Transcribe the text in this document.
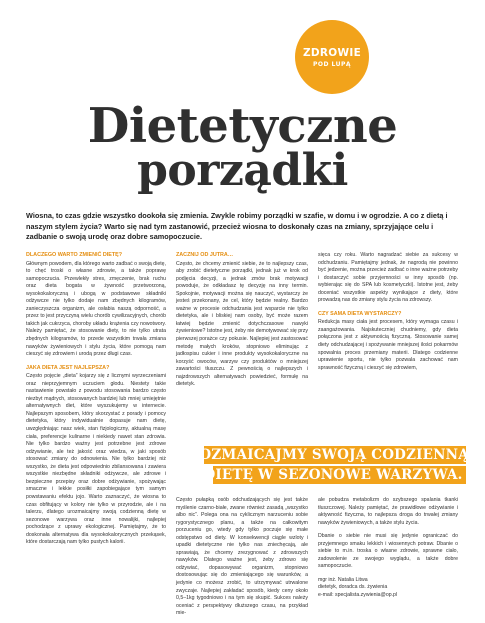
ZDROWIE
POD LUPĄ
Dietetyczne
porządki
Wiosna, to czas gdzie wszystko dookoła się zmienia. Zwykle robimy porządki w szafie, w domu i w ogrodzie. A co z dietą i naszym stylem życia? Warto się nad tym zastanowić, przecież wiosna to doskonały czas na zmiany, sprzyjające celu i zadbanie o swoją urodę oraz dobre samopoczucie.

DLACZEGO WARTO ZMIENIĆ DIETĘ?

Głównym powodem, dla którego warto zadbać o swoją dietę, to chęć troski o własne zdrowie, a także poprawę samopoczucia. Przewlekły stres, zmęczenie, brak ruchu oraz dieta bogata w żywność przetworzoną, wysokokaloryczną i ubogą w podstawowe składniki odżywcze nie tylko dodaje nam zbędnych kilogramów, zanieczyszcza organizm, ale osłabia naszą odporność, a przez to jest przyczyną wielu chorób cywilizacyjnych, chorób takich jak cukrzyca, choroby układu krążenia czy nowotwory. Należy pamiętać, że stosowanie diety, to nie tylko utrata zbędnych kilogramów, to przede wszystkim trwała zmiana nawyków żywieniowych i stylu życia, które pomogą nam cieszyć się zdrowiem i urodą przez długi czas.

JAKA DIETA JEST NAJLEPSZA?

Często pojęcie „dieta” kojarzy się z licznymi wyrzeczeniami oraz nieprzyjemnym uczuciem głodu. Niestety takie nastawienie powstało z powodu stosowania bardzo często niezbyt mądrych, stosowanych bardziej lub mniej umiejętnie alternatywnych diet, które wyszukujemy w internecie. Najlepszym sposobem, który skorzystać z porady i pomocy dietetyka, który indywidualnie dopasuje nam dietę, uwzględniając nasz wiek, stan fizjologiczny, aktualną masę ciała, preferencje kulinarne i niekiedy nawet stan zdrowia. Nie tylko bardzo ważny jest potrzebne jest zdrowe odżywianie, ale też jakość oraz wiedza, w jaki sposób stosować zmiany do odnowienia. Nie tylko bardziej niż wszystko, że dieta jest odpowiednio zbilansowana i zawiera wszystkie niezbędne składniki odżywcze, ale zdrowe i bezpieczne przepisy oraz dobre odżywianie, spożywając smaczne i lekkie posiłki zapobiegające tym samym powstawaniu efektu jojo. Warto zaznaczyć, że wiosna to czas obfitujący w kolory nie tylko w przyrodzie, ale i na talerzu, dlatego urozmaicajmy swoją codzienną dietę w sezonowe warzywa oraz inne nowalijki, najlepiej pochodzące z uprawy ekologicznej. Pamiętajmy, że to doskonała alternatywa dla wysokokalorycznych przekąsek, które dostarczają nam tylko pustych kalorii.

ZACZNIJ OD JUTRA…

Często, że chcemy zmienić siebie, że to najlepszy czas, aby zrobić dietetyczne porządki, jednak już w krok od podjęcia decyzji, a jednak zmów brak motywacji powoduje, że odkładasz tę decyzję na inny termin. Spokojnie, motywacji można się nauczyć, wystarczy że jesteś przekonany, że cel, który będzie realny. Bardzo ważne w procesie odchudzania jest wsparcie nie tylko dietetyka, ale i bliskiej nam osoby, być może razem łatwiej będzie zmienić dotychczasowe nawyki żywieniowe? Istotne jest, żeby nie demotywować się przy pierwszej porażce czy pokusie. Najlepiej jest zastosować metodę małych kroków, stopniowo eliminując z jadłospisu cukier i inne produkty wysokokaloryczne na korzyść owoców, warzyw czy produktów o mniejszej zawartości tłuszczu. Z pewnością o najlepszych i najzdrowszych alternatywach powiedzieć, formułę na dietetyk.

sięca czy roku. Warto nagradzać siebie za sukcesy w odchudzaniu. Pamiętajmy jednak, że nagrodą nie powinno być jedzenie, można przecież zadbać o inne ważne potrzeby i dostarczyć sobie przyjemności w inny sposób (np. wybierając się do SPA lub kosmetyczki). Istotne jest, żeby doceniać wszystkie aspekty wynikające z diety, które prowadzą nas do zmiany stylu życia na zdrowszy.

CZY SAMA DIETA WYSTARCZY?

Redukcja masy ciała jest procesem, który wymaga czasu i zaangażowania. Najskuteczniej chudniemy, gdy dieta połączona jest z aktywnością fizyczną. Stosowanie samej diety odchudzającej i spożywanie mniejszej ilości pokarmów spowalnia proces przemiany materii. Dlatego codzienne uprawienie sportu, nie tylko pozwala zachować nam sprawność fizyczną i cieszyć się zdrowiem,

UROZMAICAJMY SWOJĄ CODZIENNĄ
DIETĘ W SEZONOWE WARZYWA.

Często pułapką osób odchudzających się jest także myślenie czarno-białe, zwane również zasadą „wszystko albo nic”. Polega ona na cyklicznym narzuceniu sobie rygorystycznego planu, a także na całkowitym porzuceniu go, wtedy gdy tylko poczuje się małe odstępstwo od diety. W konsekwencji ciągle wzloty i upadki dietetyczne nie tylko nas zniechęcają, ale sprawiają, że chcemy zrezygnować z zdrowszych nawyków. Dlatego ważne jest, żeby zdrowo się odżywiać, dopasowywać organizm, stopniowo dostosowując się do zmieniającego się warunków, a jedynie co możesz zrobić, to utrzymywać utrwalone zwyczaje. Najlepiej zakładać sposób, kiedy ceny około 0,5–1kg tygodniowo i na tym się skupić. Sukces należy oceniać z perspektywy dłuższego czasu, na przykład mie-

ale pobudza metabolizm do szybszego spalania tkanki tłuszczowej. Należy pamiętać, że prawidłowe odżywianie i aktywność fizyczna, to najlepsza droga do trwałej zmiany nawyków żywieniowych, a także stylu życia.

Dbanie o siebie nie musi się jedynie ograniczać do przyjemnego smaku lekkich i wiosennych potraw. Dbanie o siebie to m.in. troska o własne zdrowie, sprawne ciało, zadowolenie ze swojego wyglądu, a także dobre samopoczucie.

mgr inż. Natalia Litwa

dietetyk, doradca ds. żywienia

e-mail: specjalista.zywienia@op.pl
